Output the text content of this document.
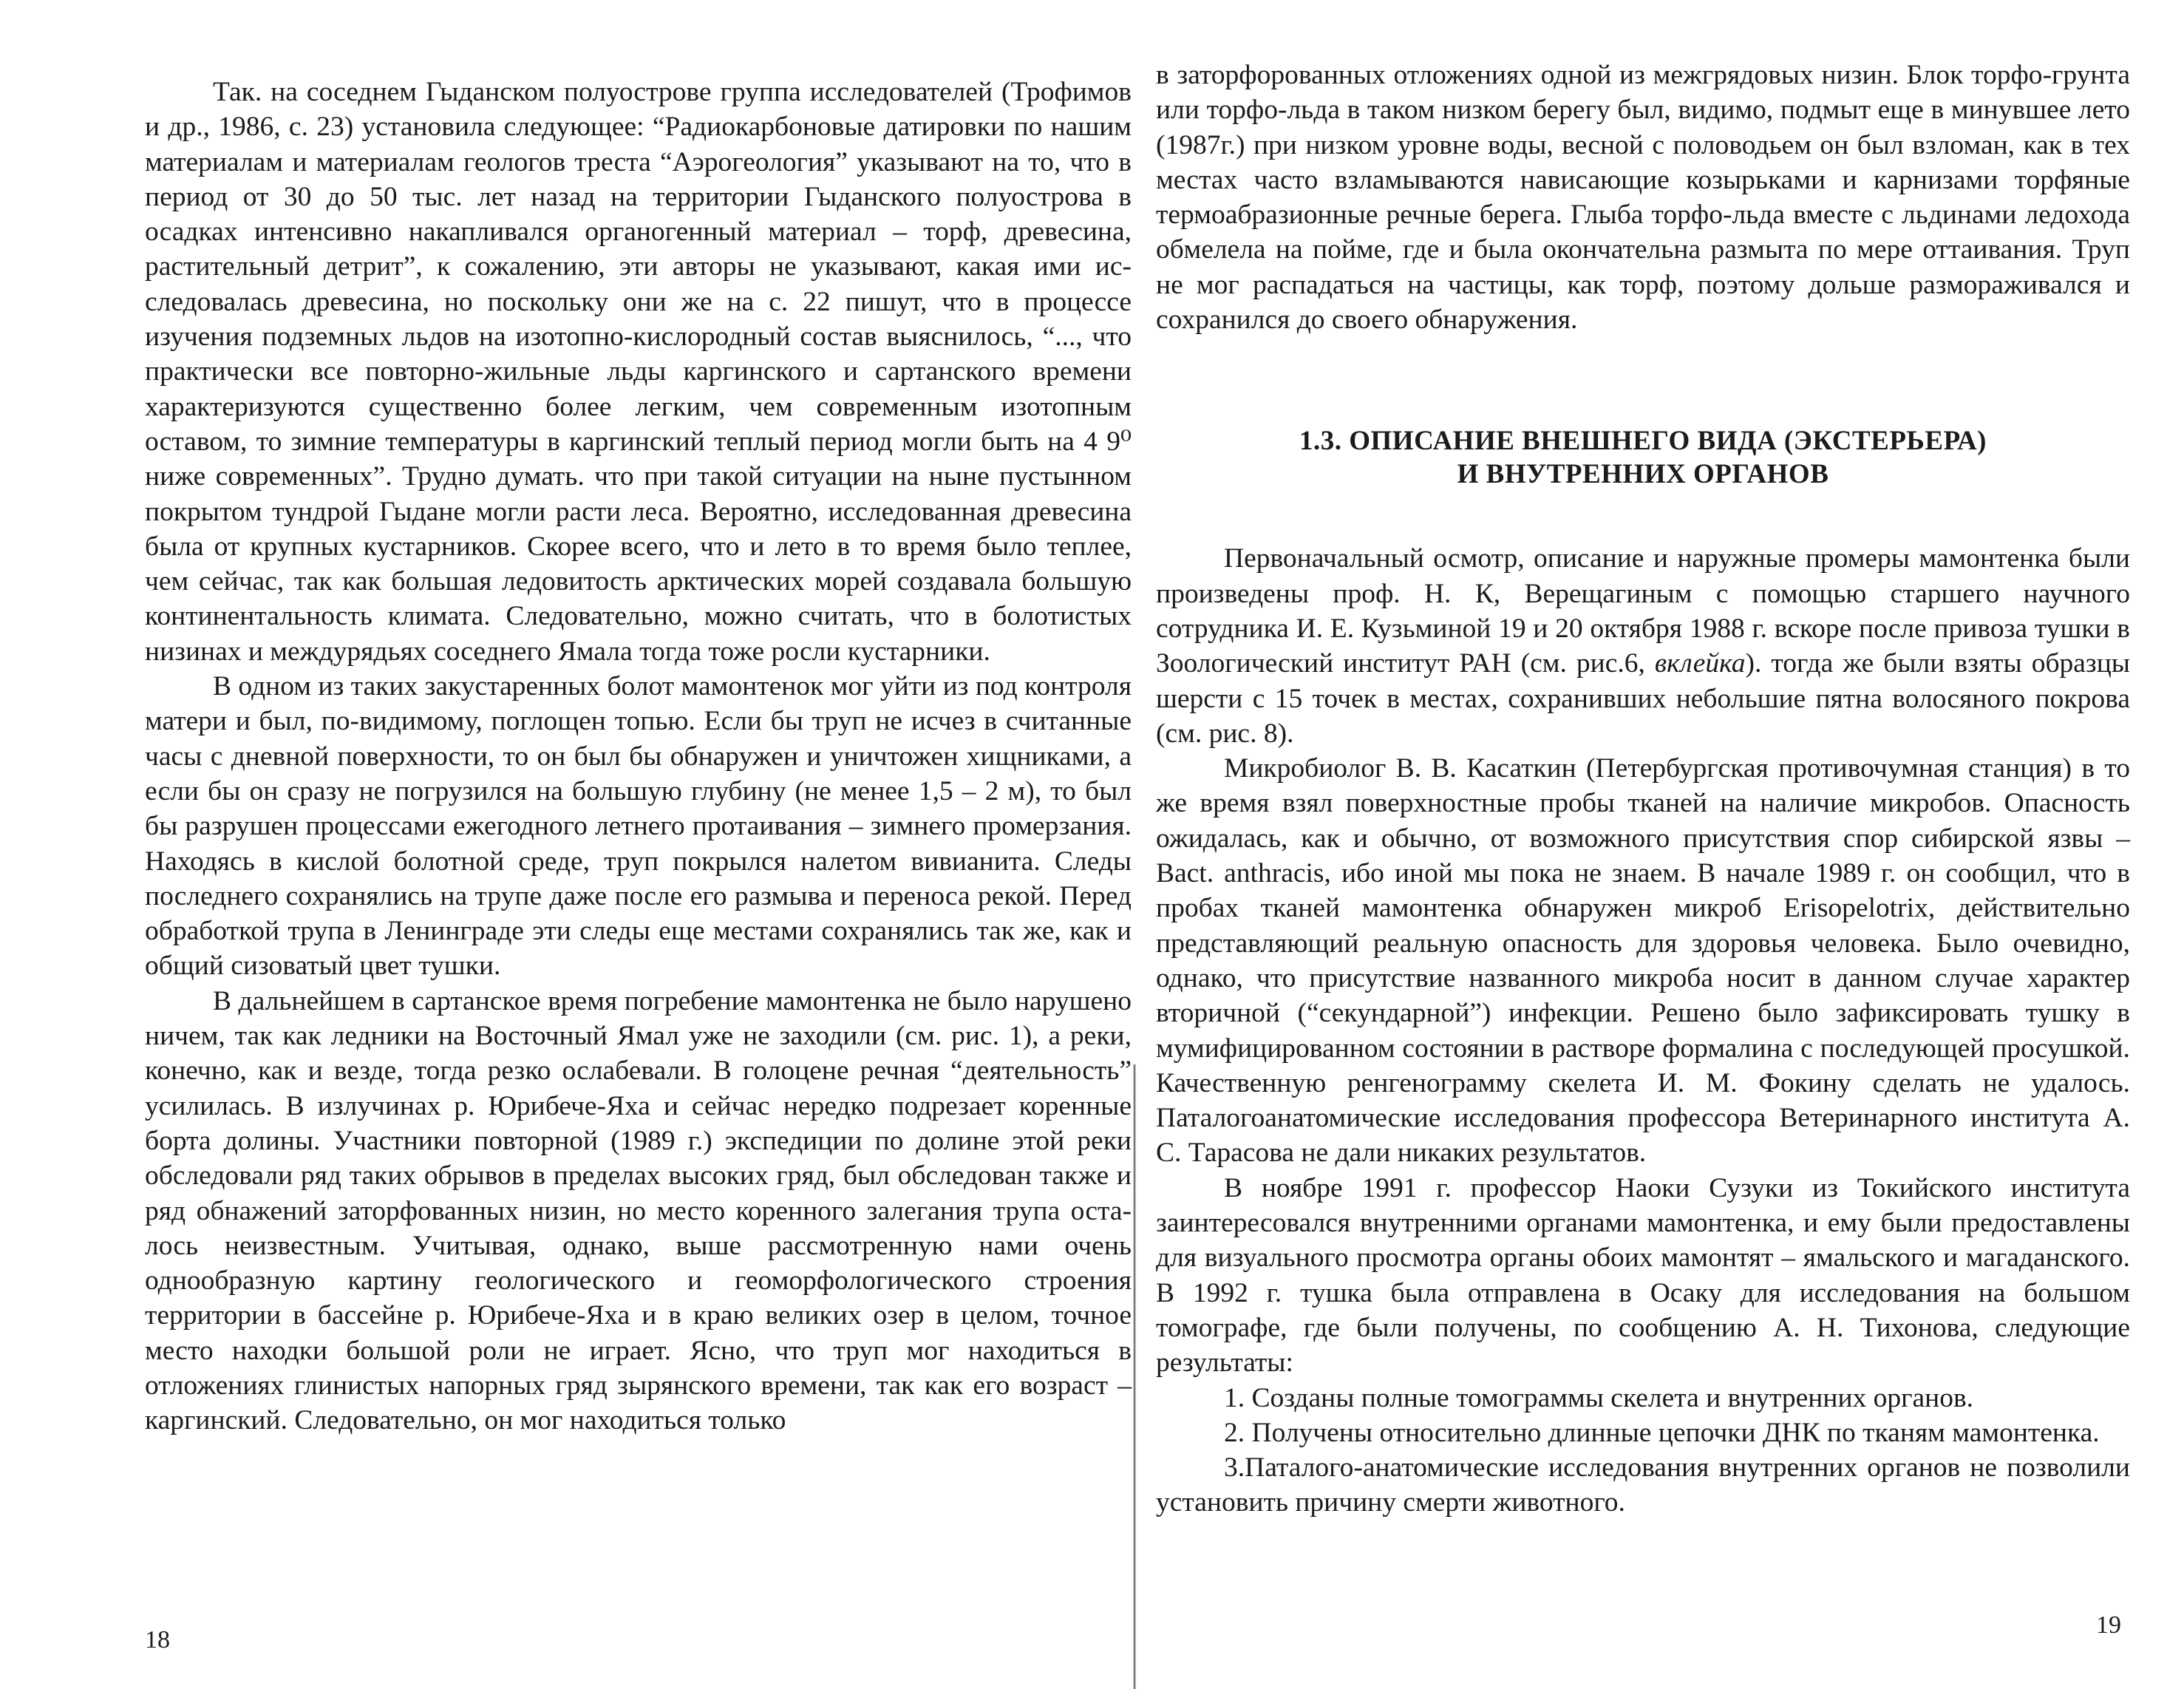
Так. на соседнем Гыданском полуострове группа исследователей (Трофимов и др., 1986, с. 23) установила следующее: “Радиокарбоновые датировки по нашим материалам и материалам геологов треста “Аэрогеология” указывают на то, что в период от 30 до 50 тыс. лет назад на территории Гыданского полуострова в осадках интенсивно накапливался органогенный материал – торф, древесина, растительный детрит”, к сожалению, эти авторы не указывают, какая ими исследовалась древесина, но поскольку они же на с. 22 пишут, что в процессе изучения подземных льдов на изотопно-кислородный состав выяснилось, “..., что практически все повторно-жильные льды каргинского и сартанского времени характеризуются существенно более легким, чем современным изотопным оставом, то зимние температуры в каргинский теплый период могли быть на 4 9⁰ ниже современных”. Трудно думать. что при такой ситуации на ныне пустынном покрытом тундрой Гыдане могли расти леса. Вероятно, исследованная древесина была от крупных кустарников. Скорее всего, что и лето в то время было теплее, чем сейчас, так как большая ледовитость арктических морей создавала большую континентальность климата. Следовательно, можно считать, что в болотистых низинах и междурядьях соседнего Ямала тогда тоже росли кустарники.

В одном из таких закустаренных болот мамонтенок мог уйти из под контроля матери и был, по-видимому, поглощен топью. Если бы труп не исчез в считанные часы с дневной поверхности, то он был бы обнаружен и уничтожен хищниками, а если бы он сразу не погрузился на большую глубину (не менее 1,5 – 2 м), то был бы разрушен процессами ежегодного летнего протаивания – зимнего промерзания. Находясь в кислой болотной среде, труп покрылся налетом вивианита. Следы последнего сохранялись на трупе даже после его размыва и переноса рекой. Перед обработкой трупа в Ленинграде эти следы еще местами сохранялись так же, как и общий сизоватый цвет тушки.

В дальнейшем в сартанское время погребение мамонтенка не было нарушено ничем, так как ледники на Восточный Ямал уже не заходили (см. рис. 1), а реки, конечно, как и везде, тогда резко ослабевали. В голоцене речная “деятельность” усилилась. В излучинах р. Юрибече-Яха и сейчас нередко подрезает коренные борта долины. Участники повторной (1989 г.) экспедиции по долине этой реки обследовали ряд таких обрывов в пределах высоких гряд, был обследован также и ряд обнажений заторфованных низин, но место коренного залегания трупа осталось неизвестным. Учитывая, однако, выше рассмотренную нами очень однообразную картину геологического и геоморфологического строения территории в бассейне р. Юрибече-Яха и в краю великих озер в целом, точное место находки большой роли не играет. Ясно, что труп мог находиться в отложениях глинистых напорных гряд зырянского времени, так как его возраст – каргинский. Следовательно, он мог находиться только

18

в заторфорованных отложениях одной из межгрядовых низин. Блок торфо-грунта или торфо-льда в таком низком берегу был, видимо, подмыт еще в минувшее лето (1987г.) при низком уровне воды, весной с половодьем он был взломан, как в тех местах часто взламываются нависающие козырьками и карнизами торфяные термоабразионные речные берега. Глыба торфо-льда вместе с льдинами ледохода обмелела на пойме, где и была окончательна размыта по мере оттаивания. Труп не мог распадаться на частицы, как торф, поэтому дольше размораживался и сохранился до своего обнаружения.

1.3. ОПИСАНИЕ ВНЕШНЕГО ВИДА (ЭКСТЕРЬЕРА)
И ВНУТРЕННИХ ОРГАНОВ

Первоначальный осмотр, описание и наружные промеры мамонтенка были произведены проф. Н. К, Верещагиным с помощью старшего научного сотрудника И. Е. Кузьминой 19 и 20 октября 1988 г. вскоре после привоза тушки в Зоологический институт РАН (см. рис.6, вклейка). тогда же были взяты образцы шерсти с 15 точек в местах, сохранивших небольшие пятна волосяного покрова (см. рис. 8).

Микробиолог В. В. Касаткин (Петербургская противочумная станция) в то же время взял поверхностные пробы тканей на наличие микробов. Опасность ожидалась, как и обычно, от возможного присутствия спор сибирской язвы – Bact. anthracis, ибо иной мы пока не знаем. В начале 1989 г. он сообщил, что в пробах тканей мамонтенка обнаружен микроб Erisopelotrix, действительно представляющий реальную опасность для здоровья человека. Было очевидно, однако, что присутствие названного микроба носит в данном случае характер вторичной (“секундарной”) инфекции. Решено было зафиксировать тушку в мумифицированном состоянии в растворе формалина с последующей просушкой. Качественную ренгенограмму скелета И. М. Фокину сделать не удалось. Паталогоанатомические исследования профессора Ветеринарного института А. С. Тарасова не дали никаких результатов.

В ноябре 1991 г. профессор Наоки Сузуки из Токийского института заинтересовался внутренними органами мамонтенка, и ему были предоставлены для визуального просмотра органы обоих мамонтят – ямальского и магаданского. В 1992 г. тушка была отправлена в Осаку для исследования на большом томографе, где были получены, по сообщению А. Н. Тихонова, следующие результаты:

1. Созданы полные томограммы скелета и внутренних органов.

2. Получены относительно длинные цепочки ДНК по тканям мамонтенка.

3.Паталого-анатомические исследования внутренних органов не позволили установить причину смерти животного.

19
